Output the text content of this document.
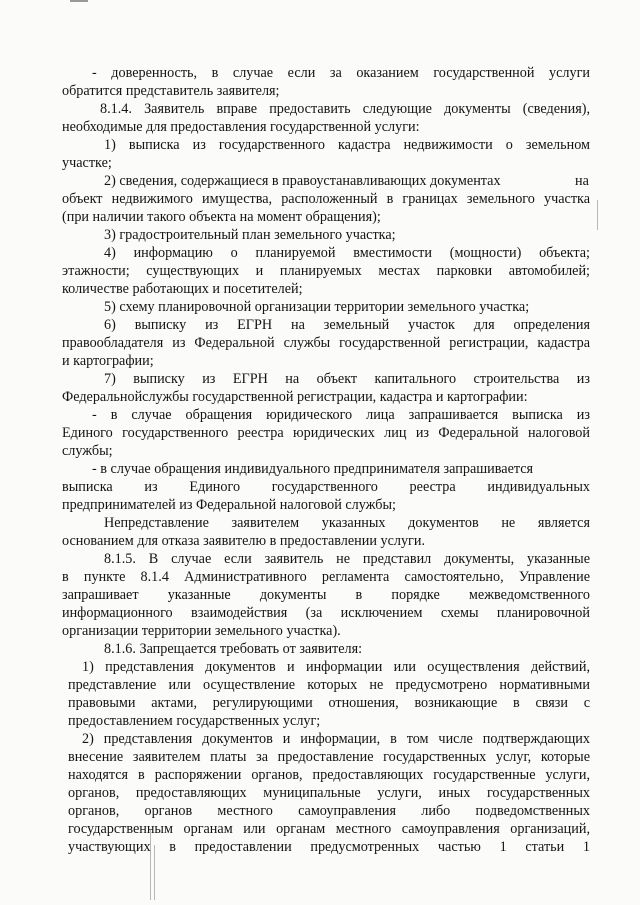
- доверенность, в случае если за оказанием государственной услуги
обратится представитель заявителя;
8.1.4. Заявитель вправе предоставить следующие документы (сведения),
необходимые для предоставления государственной услуги:
1) выписка из государственного кадастра недвижимости о земельном
участке;
2) сведения, содержащиеся в правоустанавливающих документах	на
объект недвижимого имущества, расположенный в границах земельного участка
(при наличии такого объекта на момент обращения);
3) градостроительный план земельного участка;
4) информацию о планируемой вместимости (мощности) объекта;
этажности; существующих и планируемых местах парковки автомобилей;
количестве работающих и посетителей;
5) схему планировочной организации территории земельного участка;
6) выписку из ЕГРН на земельный участок для определения
правообладателя из Федеральной службы государственной регистрации, кадастра
и картографии;
7) выписку из ЕГРН на объект капитального строительства из
Федеральнойслужбы государственной регистрации, кадастра и картографии:
- в случае обращения юридического лица запрашивается выписка из
Единого государственного реестра юридических лиц из Федеральной налоговой
службы;
- в случае обращения индивидуального предпринимателя запрашивается
выписка из Единого государственного реестра индивидуальных
предпринимателей из Федеральной налоговой службы;
Непредставление заявителем указанных документов не является
основанием для отказа заявителю в предоставлении услуги.
8.1.5. В случае если заявитель не представил документы, указанные
в пункте 8.1.4 Административного регламента самостоятельно, Управление
запрашивает указанные документы в порядке межведомственного
информационного взаимодействия (за исключением схемы планировочной
организации территории земельного участка).
8.1.6. Запрещается требовать от заявителя:
1) представления документов и информации или осуществления действий,
представление или осуществление которых не предусмотрено нормативными
правовыми актами, регулирующими отношения, возникающие в связи с
предоставлением государственных услуг;
2) представления документов и информации, в том числе подтверждающих
внесение заявителем платы за предоставление государственных услуг, которые
находятся в распоряжении органов, предоставляющих государственные услуги,
органов, предоставляющих муниципальные услуги, иных государственных
органов, органов местного самоуправления либо подведомственных
государственным органам или органам местного самоуправления организаций,
участвующих в предоставлении предусмотренных частью 1 статьи 1
